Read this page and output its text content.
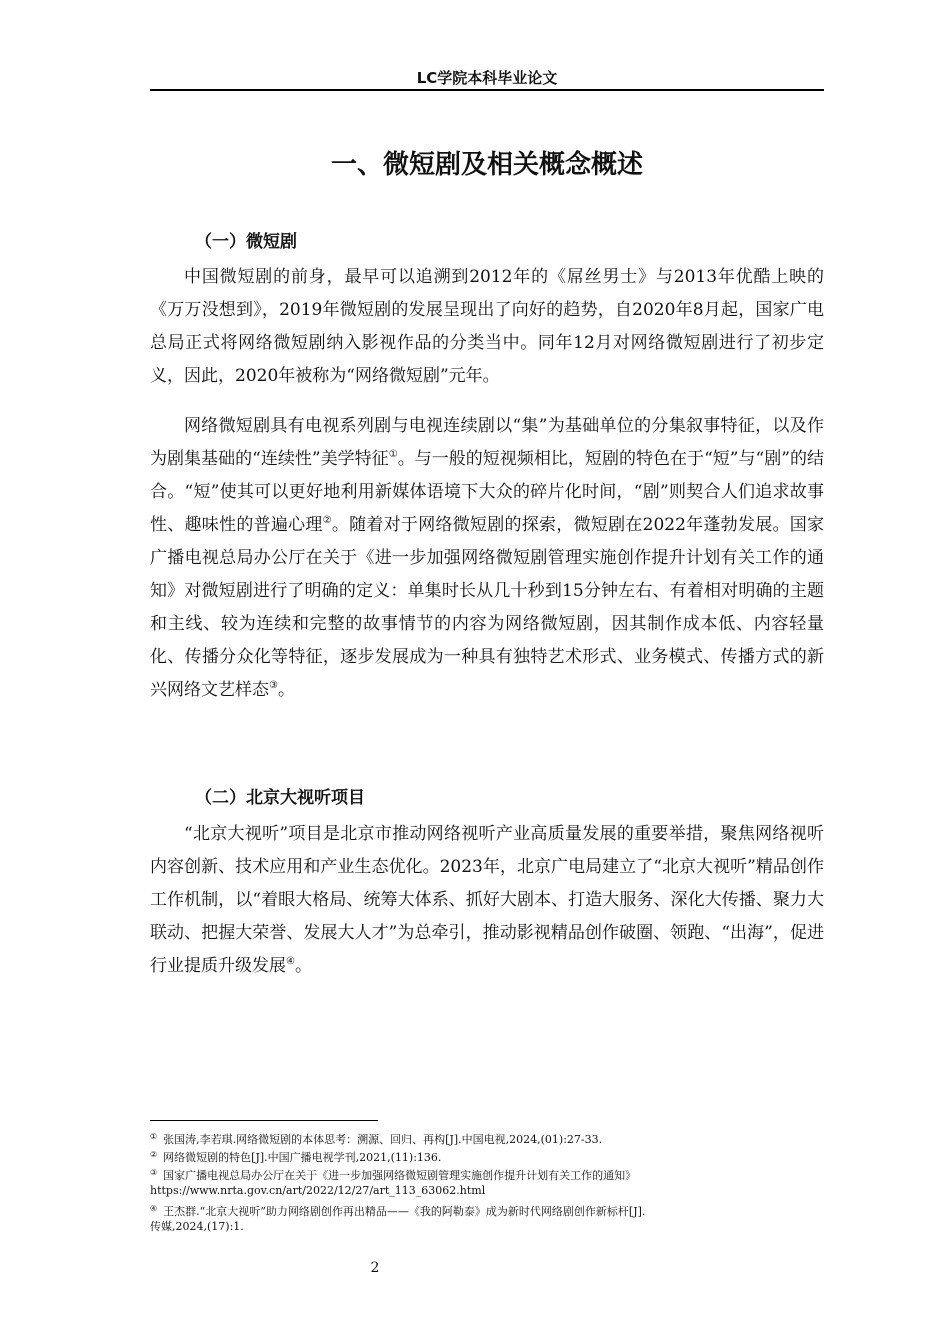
LC学院本科毕业论文
一、微短剧及相关概念概述
（一）微短剧
中国微短剧的前身，最早可以追溯到2012年的《屌丝男士》与2013年优酷上映的《万万没想到》，2019年微短剧的发展呈现出了向好的趋势，自2020年8月起，国家广电总局正式将网络微短剧纳入影视作品的分类当中。同年12月对网络微短剧进行了初步定义，因此，2020年被称为“网络微短剧”元年。
网络微短剧具有电视系列剧与电视连续剧以“集”为基础单位的分集叙事特征，以及作为剧集基础的“连续性”美学特征①。与一般的短视频相比，短剧的特色在于“短”与“剧”的结合。“短”使其可以更好地利用新媒体语境下大众的碎片化时间，“剧”则契合人们追求故事性、趣味性的普遍心理②。随着对于网络微短剧的探索，微短剧在2022年蓬勃发展。国家广播电视总局办公厅在关于《进一步加强网络微短剧管理实施创作提升计划有关工作的通知》对微短剧进行了明确的定义：单集时长从几十秒到15分钟左右、有着相对明确的主题和主线、较为连续和完整的故事情节的内容为网络微短剧，因其制作成本低、内容轻量化、传播分众化等特征，逐步发展成为一种具有独特艺术形式、业务模式、传播方式的新兴网络文艺样态③。
（二）北京大视听项目
“北京大视听”项目是北京市推动网络视听产业高质量发展的重要举措，聚焦网络视听内容创新、技术应用和产业生态优化。2023年，北京广电局建立了“北京大视听”精品创作工作机制，以“着眼大格局、统筹大体系、抓好大剧本、打造大服务、深化大传播、聚力大联动、把握大荣誉、发展大人才”为总牵引，推动影视精品创作破圈、领跑、“出海”，促进行业提质升级发展④。
① 张国涛,李若琪.网络微短剧的本体思考：溯源、回归、再构[J].中国电视,2024,(01):27-33.
② 网络微短剧的特色[J].中国广播电视学刊,2021,(11):136.
③ 国家广播电视总局办公厅在关于《进一步加强网络微短剧管理实施创作提升计划有关工作的通知》
https://www.nrta.gov.cn/art/2022/12/27/art_113_63062.html
④ 王杰群.“北京大视听”助力网络剧创作再出精品——《我的阿勒泰》成为新时代网络剧创作新标杆[J].
传媒,2024,(17):1.
2
